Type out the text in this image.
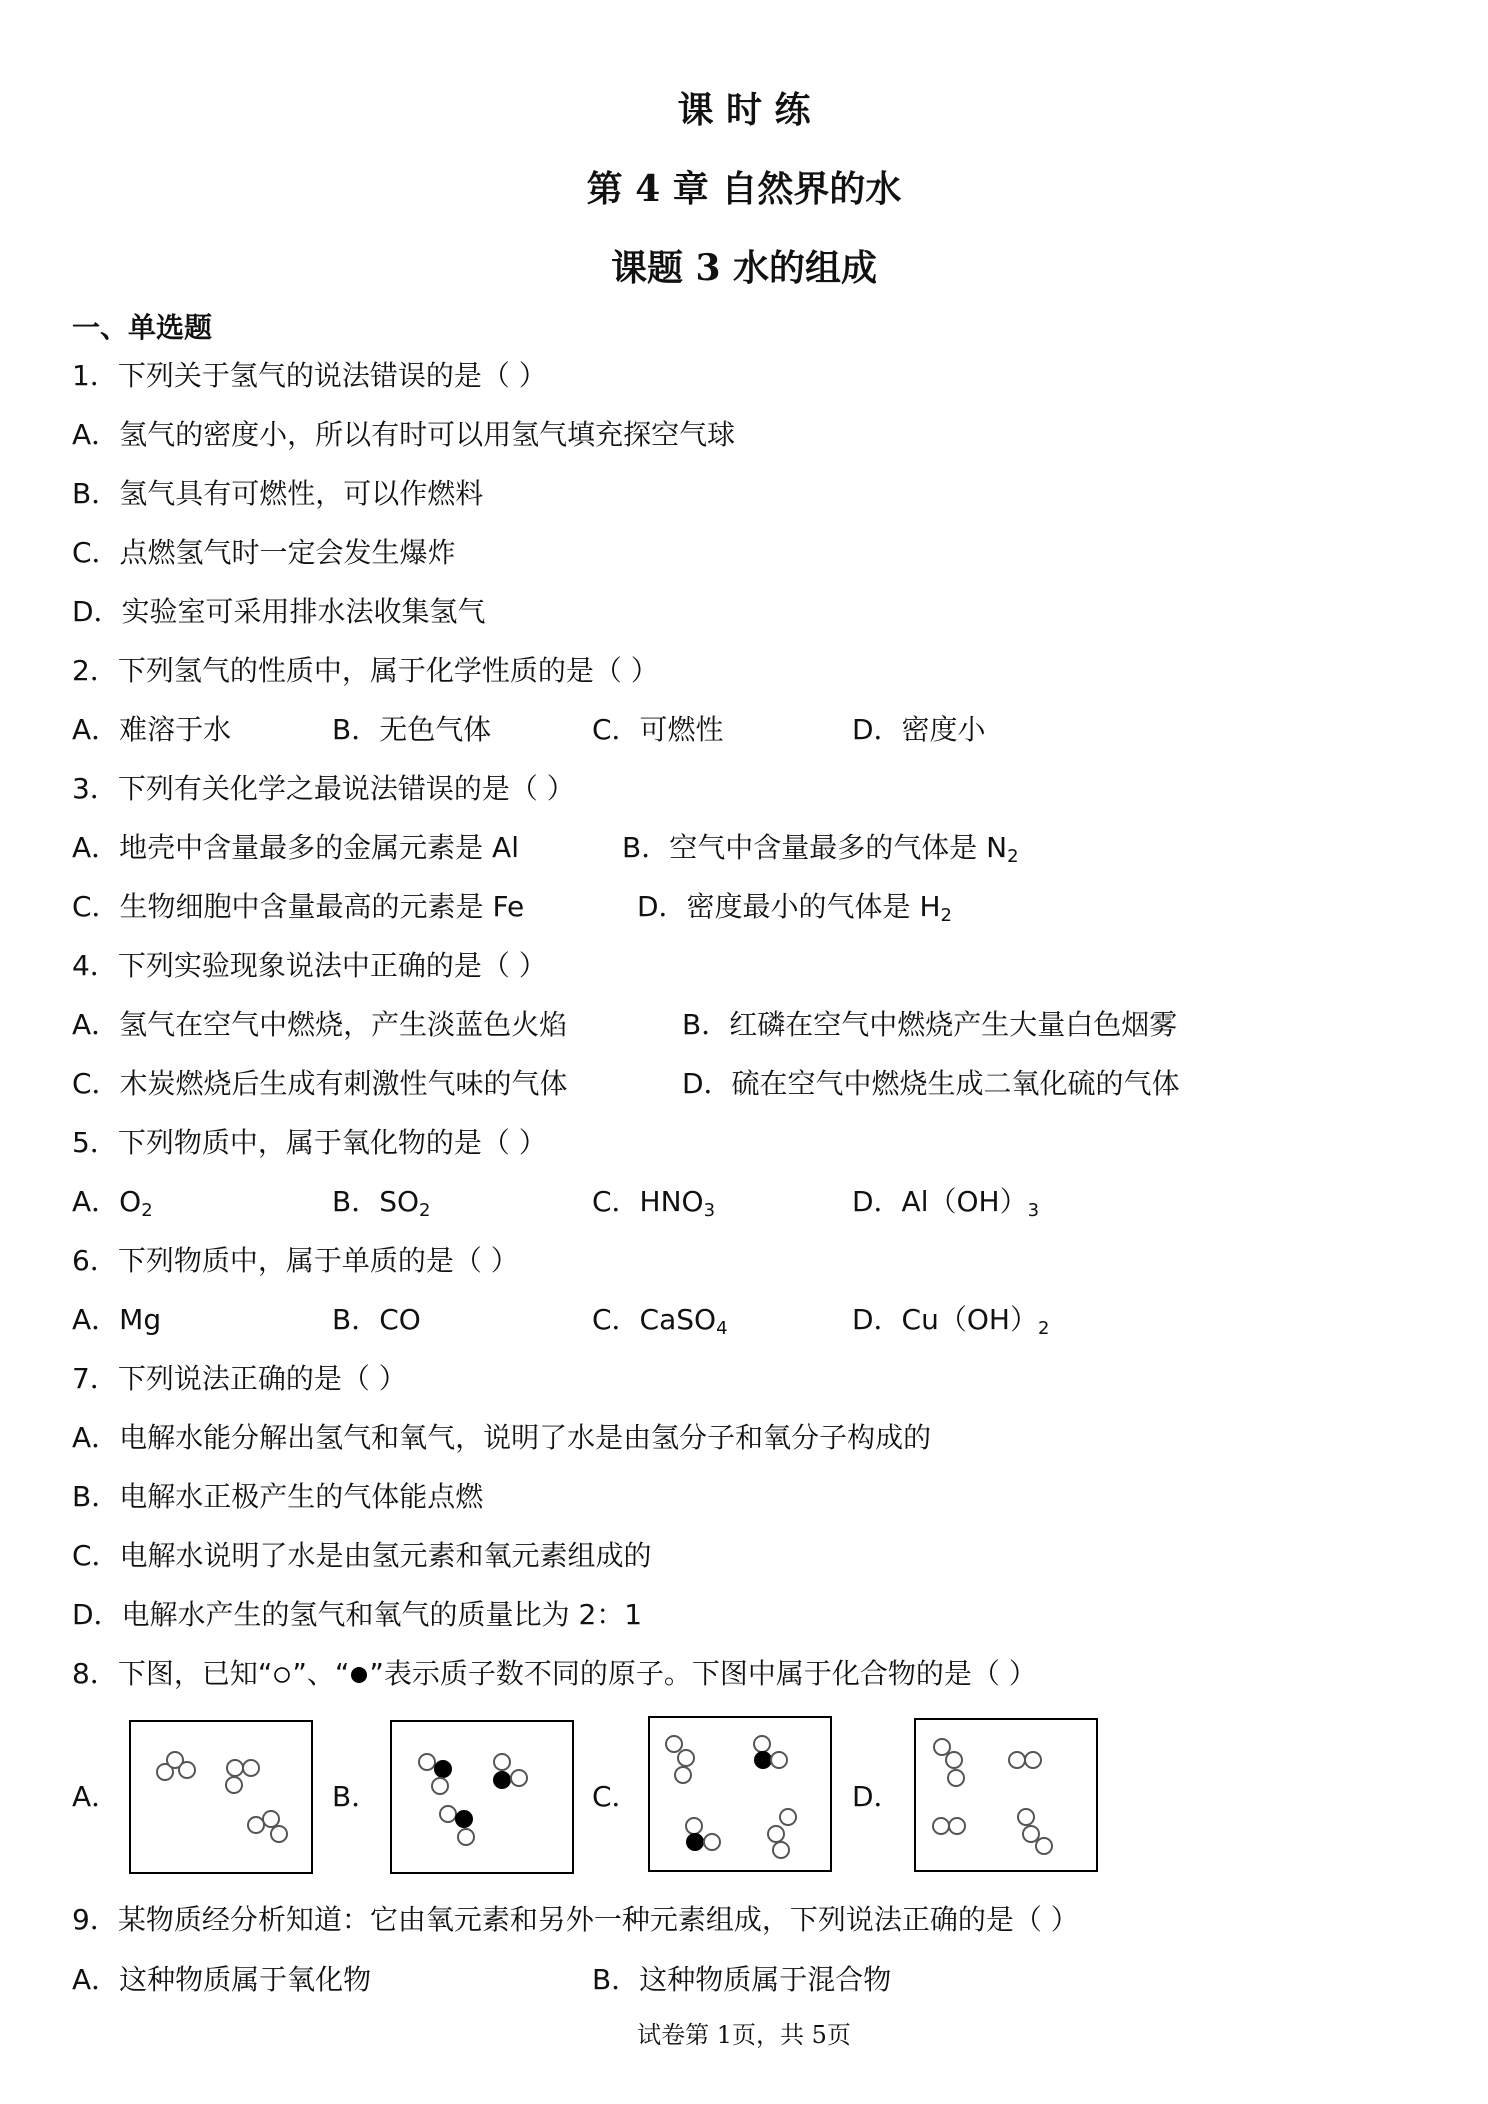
课 时 练
第 4 章 自然界的水
课题 3 水的组成
一、单选题
1．下列关于氢气的说法错误的是（ ）
A．氢气的密度小，所以有时可以用氢气填充探空气球
B．氢气具有可燃性，可以作燃料
C．点燃氢气时一定会发生爆炸
D．实验室可采用排水法收集氢气
2．下列氢气的性质中，属于化学性质的是（ ）
A．难溶于水	B．无色气体	C．可燃性	D．密度小
3．下列有关化学之最说法错误的是（ ）
A．地壳中含量最多的金属元素是 Al	B．空气中含量最多的气体是 $N_2$
C．生物细胞中含量最高的元素是 Fe	D．密度最小的气体是 $H_2$
4．下列实验现象说法中正确的是（ ）
A．氢气在空气中燃烧，产生淡蓝色火焰	B．红磷在空气中燃烧产生大量白色烟雾
C．木炭燃烧后生成有刺激性气味的气体	D．硫在空气中燃烧生成二氧化硫的气体
5．下列物质中，属于氧化物的是（ ）
A．$O_2$	B．$SO_2$	C．$HNO_3$	D．$Al(OH)_3$
6．下列物质中，属于单质的是（ ）
A．Mg	B．CO	C．CaSO$_4$	D．$Cu(OH)_2$
7．下列说法正确的是（ ）
A．电解水能分解出氢气和氧气，说明了水是由氢分子和氧分子构成的
B．电解水正极产生的气体能点燃
C．电解水说明了水是由氢元素和氧元素组成的
D．电解水产生的氢气和氧气的质量比为 2：1
8．下图，已知“ ”、“ ”表示质子数不同的原子。下图中属于化合物的是（ ）
A．	B．	C．	D．
9．某物质经分析知道：它由氧元素和另外一种元素组成，下列说法正确的是（ ）
A．这种物质属于氧化物	B．这种物质属于混合物
试卷第 1页，共 5页
